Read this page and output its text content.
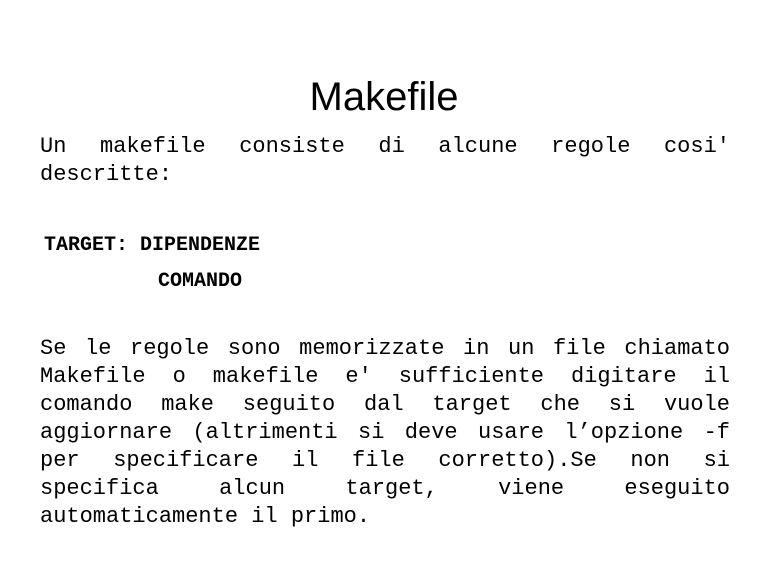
Makefile

Un makefile consiste di alcune regole cosi' descritte:

TARGET: DIPENDENZE
COMANDO

Se le regole sono memorizzate in un file chiamato Makefile o makefile e' sufficiente digitare il comando make seguito dal target che si vuole aggiornare (altrimenti si deve usare l’opzione -f per specificare il file corretto).Se non si specifica alcun target, viene eseguito automaticamente il primo.
